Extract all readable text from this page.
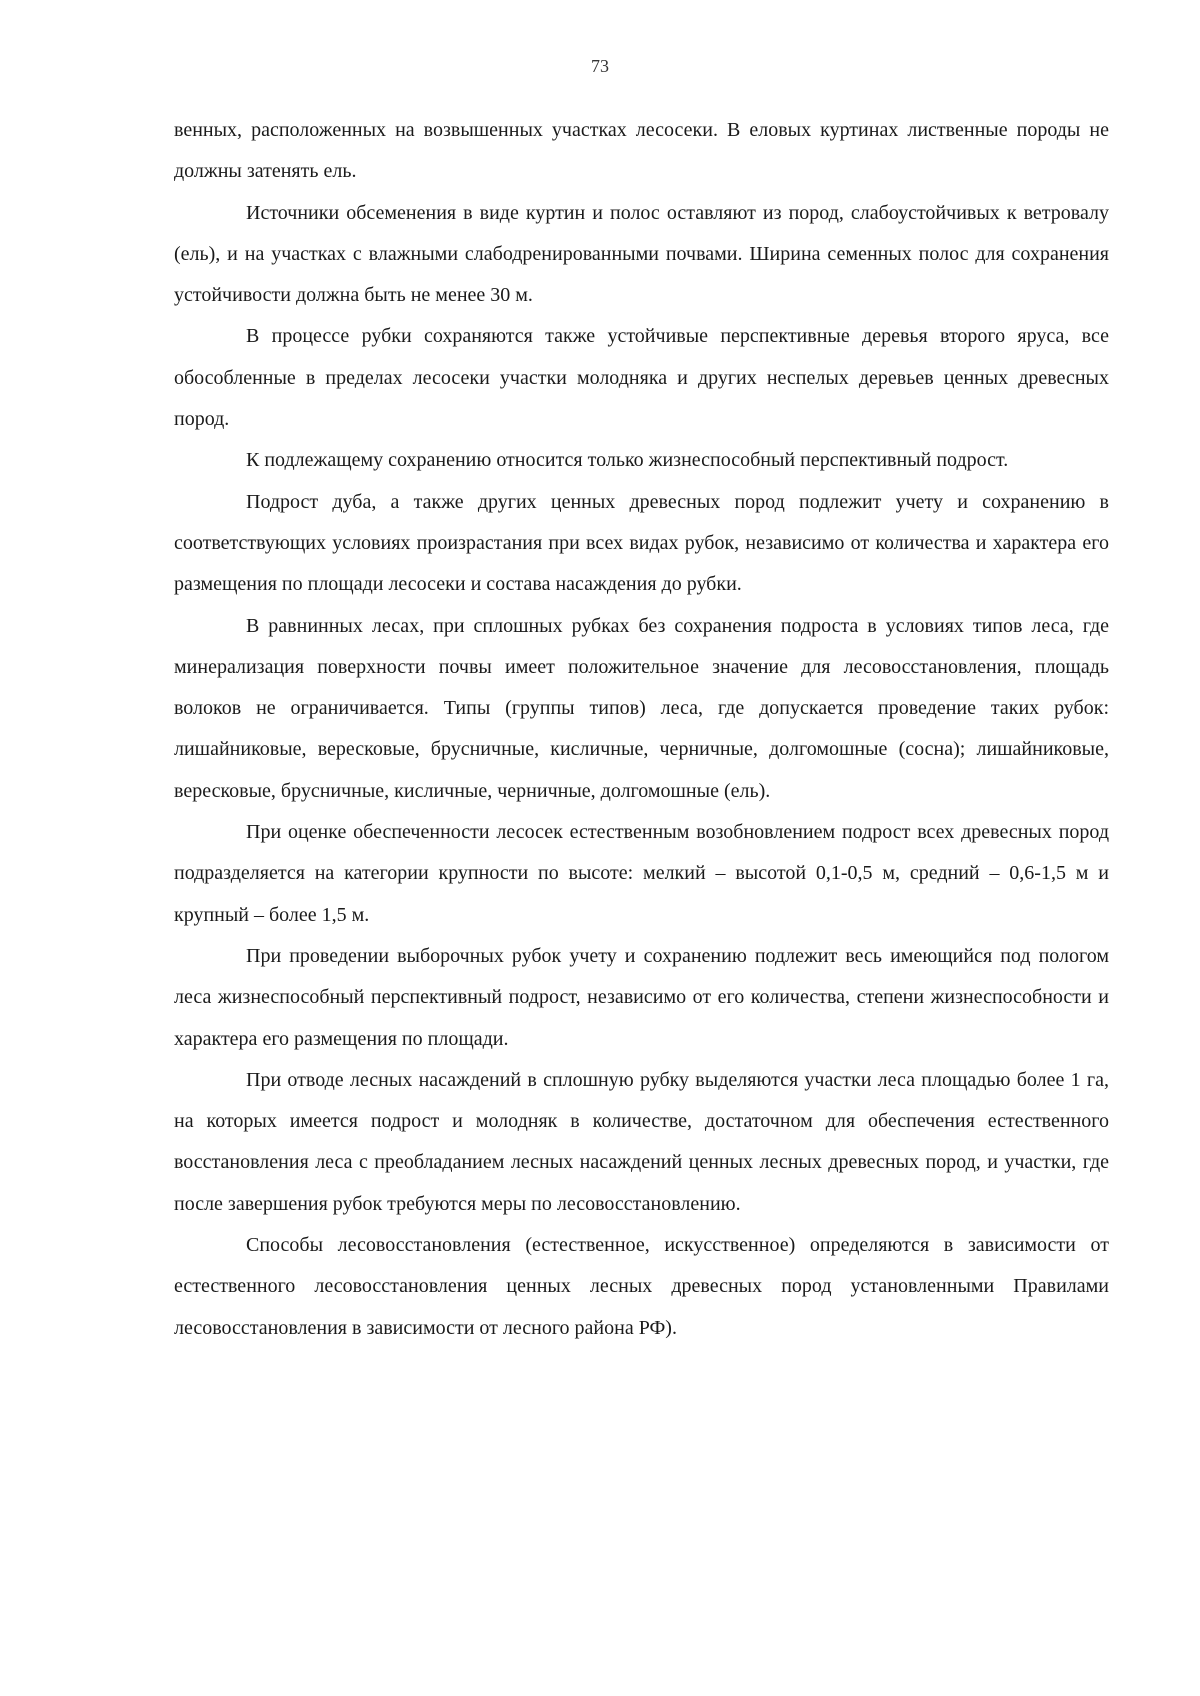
73

венных, расположенных на возвышенных участках лесосеки. В еловых куртинах лиственные породы не должны затенять ель.

Источники обсеменения в виде куртин и полос оставляют из пород, слабоустойчивых к ветровалу (ель), и на участках с влажными слабодренированными почвами. Ширина семенных полос для сохранения устойчивости должна быть не менее 30 м.

В процессе рубки сохраняются также устойчивые перспективные деревья второго яруса, все обособленные в пределах лесосеки участки молодняка и других неспелых деревьев ценных древесных пород.

К подлежащему сохранению относится только жизнеспособный перспективный подрост.

Подрост дуба, а также других ценных древесных пород подлежит учету и сохранению в соответствующих условиях произрастания при всех видах рубок, независимо от количества и характера его размещения по площади лесосеки и состава насаждения до рубки.

В равнинных лесах, при сплошных рубках без сохранения подроста в условиях типов леса, где минерализация поверхности почвы имеет положительное значение для лесовосстановления, площадь волоков не ограничивается. Типы (группы типов) леса, где допускается проведение таких рубок: лишайниковые, вересковые, брусничные, кисличные, черничные, долгомошные (сосна); лишайниковые, вересковые, брусничные, кисличные, черничные, долгомошные (ель).

При оценке обеспеченности лесосек естественным возобновлением подрост всех древесных пород подразделяется на категории крупности по высоте: мелкий – высотой 0,1-0,5 м, средний – 0,6-1,5 м и крупный – более 1,5 м.

При проведении выборочных рубок учету и сохранению подлежит весь имеющийся под пологом леса жизнеспособный перспективный подрост, независимо от его количества, степени жизнеспособности и характера его размещения по площади.

При отводе лесных насаждений в сплошную рубку выделяются участки леса площадью более 1 га, на которых имеется подрост и молодняк в количестве, достаточном для обеспечения естественного восстановления леса с преобладанием лесных насаждений ценных лесных древесных пород, и участки, где после завершения рубок требуются меры по лесовосстановлению.

Способы лесовосстановления (естественное, искусственное) определяются в зависимости от естественного лесовосстановления ценных лесных древесных пород установленными Правилами лесовосстановления в зависимости от лесного района РФ).
